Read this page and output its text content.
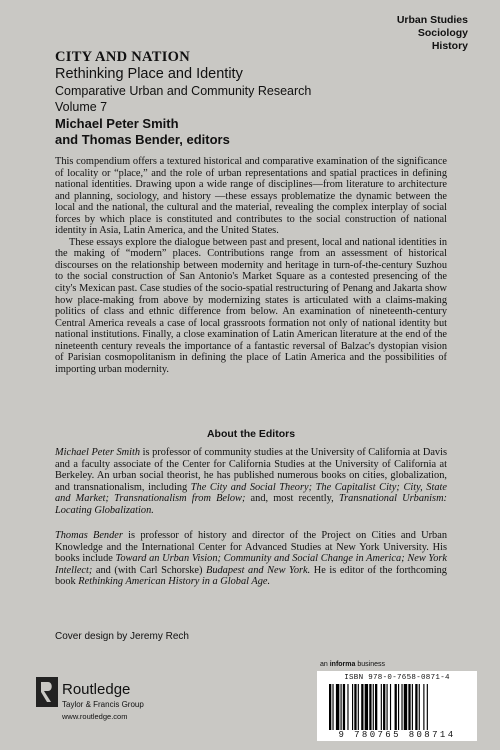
Urban Studies
Sociology
History
CITY AND NATION
Rethinking Place and Identity
Comparative Urban and Community Research
Volume 7
Michael Peter Smith
and Thomas Bender, editors

This compendium offers a textured historical and comparative examination of the significance of locality or “place,” and the role of urban representations and spatial practices in defining national identities. Drawing upon a wide range of disciplines—from literature to architecture and planning, sociology, and history —these essays problematize the dynamic between the local and the national, the cultural and the material, revealing the complex interplay of social forces by which place is constituted and contributes to the social construction of national identity in Asia, Latin America, and the United States.

These essays explore the dialogue between past and present, local and national identities in the making of “modern” places. Contributions range from an assessment of historical discourses on the relationship between modernity and heritage in turn-of-the-century Suzhou to the social construction of San Antonio's Market Square as a contested presencing of the city's Mexican past. Case studies of the socio-spatial restructuring of Penang and Jakarta show how place-making from above by modernizing states is articulated with a claims-making politics of class and ethnic difference from below. An examination of nineteenth-century Central America reveals a case of local grassroots formation not only of national identity but national institutions. Finally, a close examination of Latin American literature at the end of the nineteenth century reveals the importance of a fantastic reversal of Balzac's dystopian vision of Parisian cosmopolitanism in defining the place of Latin America and the possibilities of importing urban modernity.

About the Editors
Michael Peter Smith is professor of community studies at the University of California at Davis and a faculty associate of the Center for California Studies at the University of California at Berkeley. An urban social theorist, he has published numerous books on cities, globalization, and transnationalism, including The City and Social Theory; The Capitalist City; City, State and Market; Transnationalism from Below; and, most recently, Transnational Urbanism: Locating Globalization.
Thomas Bender is professor of history and director of the Project on Cities and Urban Knowledge and the International Center for Advanced Studies at New York University. His books include Toward an Urban Vision; Community and Social Change in America; New York Intellect; and (with Carl Schorske) Budapest and New York. He is editor of the forthcoming book Rethinking American History in a Global Age.
Cover design by Jeremy Rech
an informa business
ISBN 978-0-7658-0871-4
9 780765 808714
Routledge
Taylor & Francis Group
www.routledge.com
